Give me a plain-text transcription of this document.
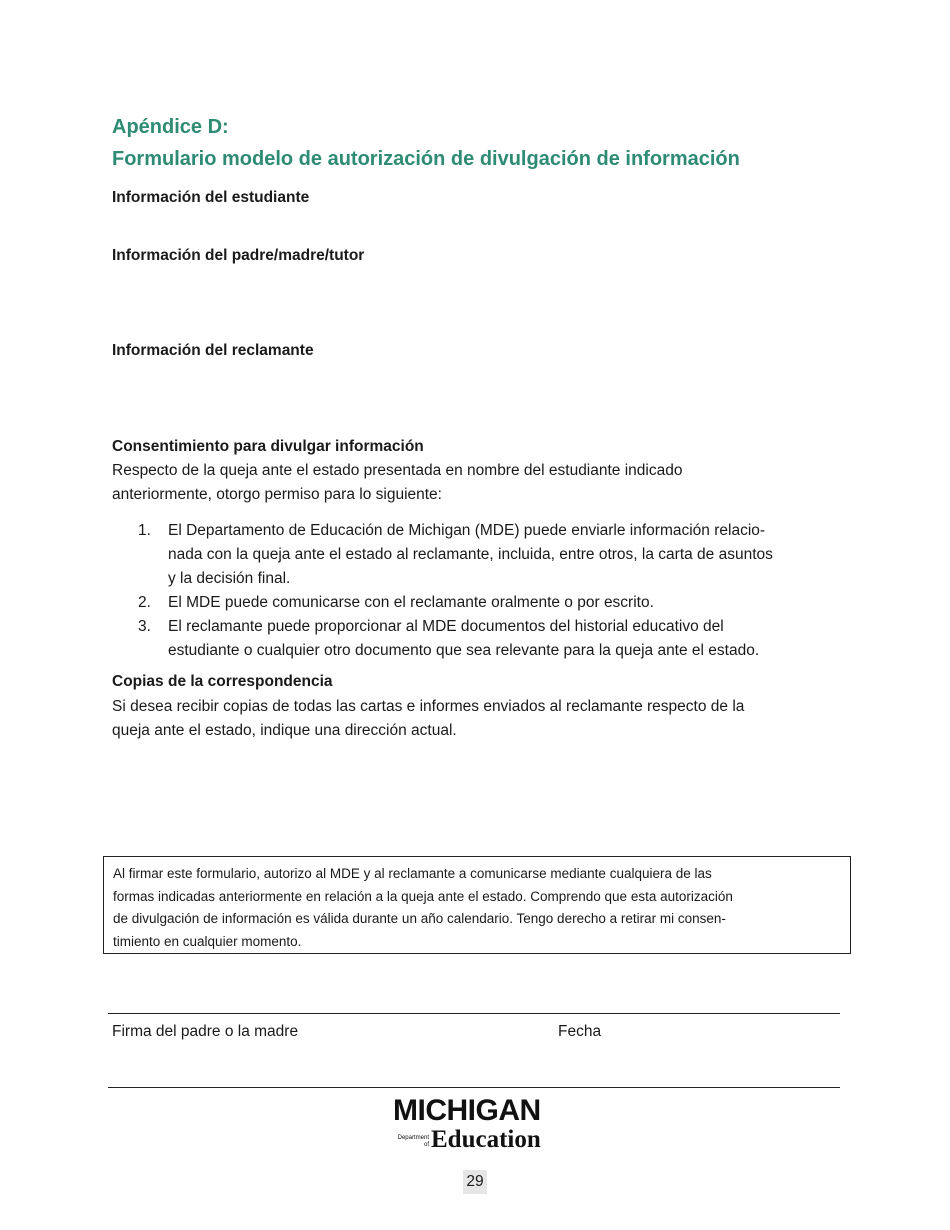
Apéndice D:
Formulario modelo de autorización de divulgación de información
Información del estudiante
Información del padre/madre/tutor
Información del reclamante
Consentimiento para divulgar información
Respecto de la queja ante el estado presentada en nombre del estudiante indicado
anteriormente, otorgo permiso para lo siguiente:
1. El Departamento de Educación de Michigan (MDE) puede enviarle información relacio-
nada con la queja ante el estado al reclamante, incluida, entre otros, la carta de asuntos
y la decisión final.
2. El MDE puede comunicarse con el reclamante oralmente o por escrito.
3. El reclamante puede proporcionar al MDE documentos del historial educativo del
estudiante o cualquier otro documento que sea relevante para la queja ante el estado.
Copias de la correspondencia
Si desea recibir copias de todas las cartas e informes enviados al reclamante respecto de la
queja ante el estado, indique una dirección actual.
Al firmar este formulario, autorizo al MDE y al reclamante a comunicarse mediante cualquiera de las
formas indicadas anteriormente en relación a la queja ante el estado. Comprendo que esta autorización
de divulgación de información es válida durante un año calendario. Tengo derecho a retirar mi consen-
timiento en cualquier momento.
Firma del padre o la madre	Fecha
MICHIGAN
Department
of Education
29
